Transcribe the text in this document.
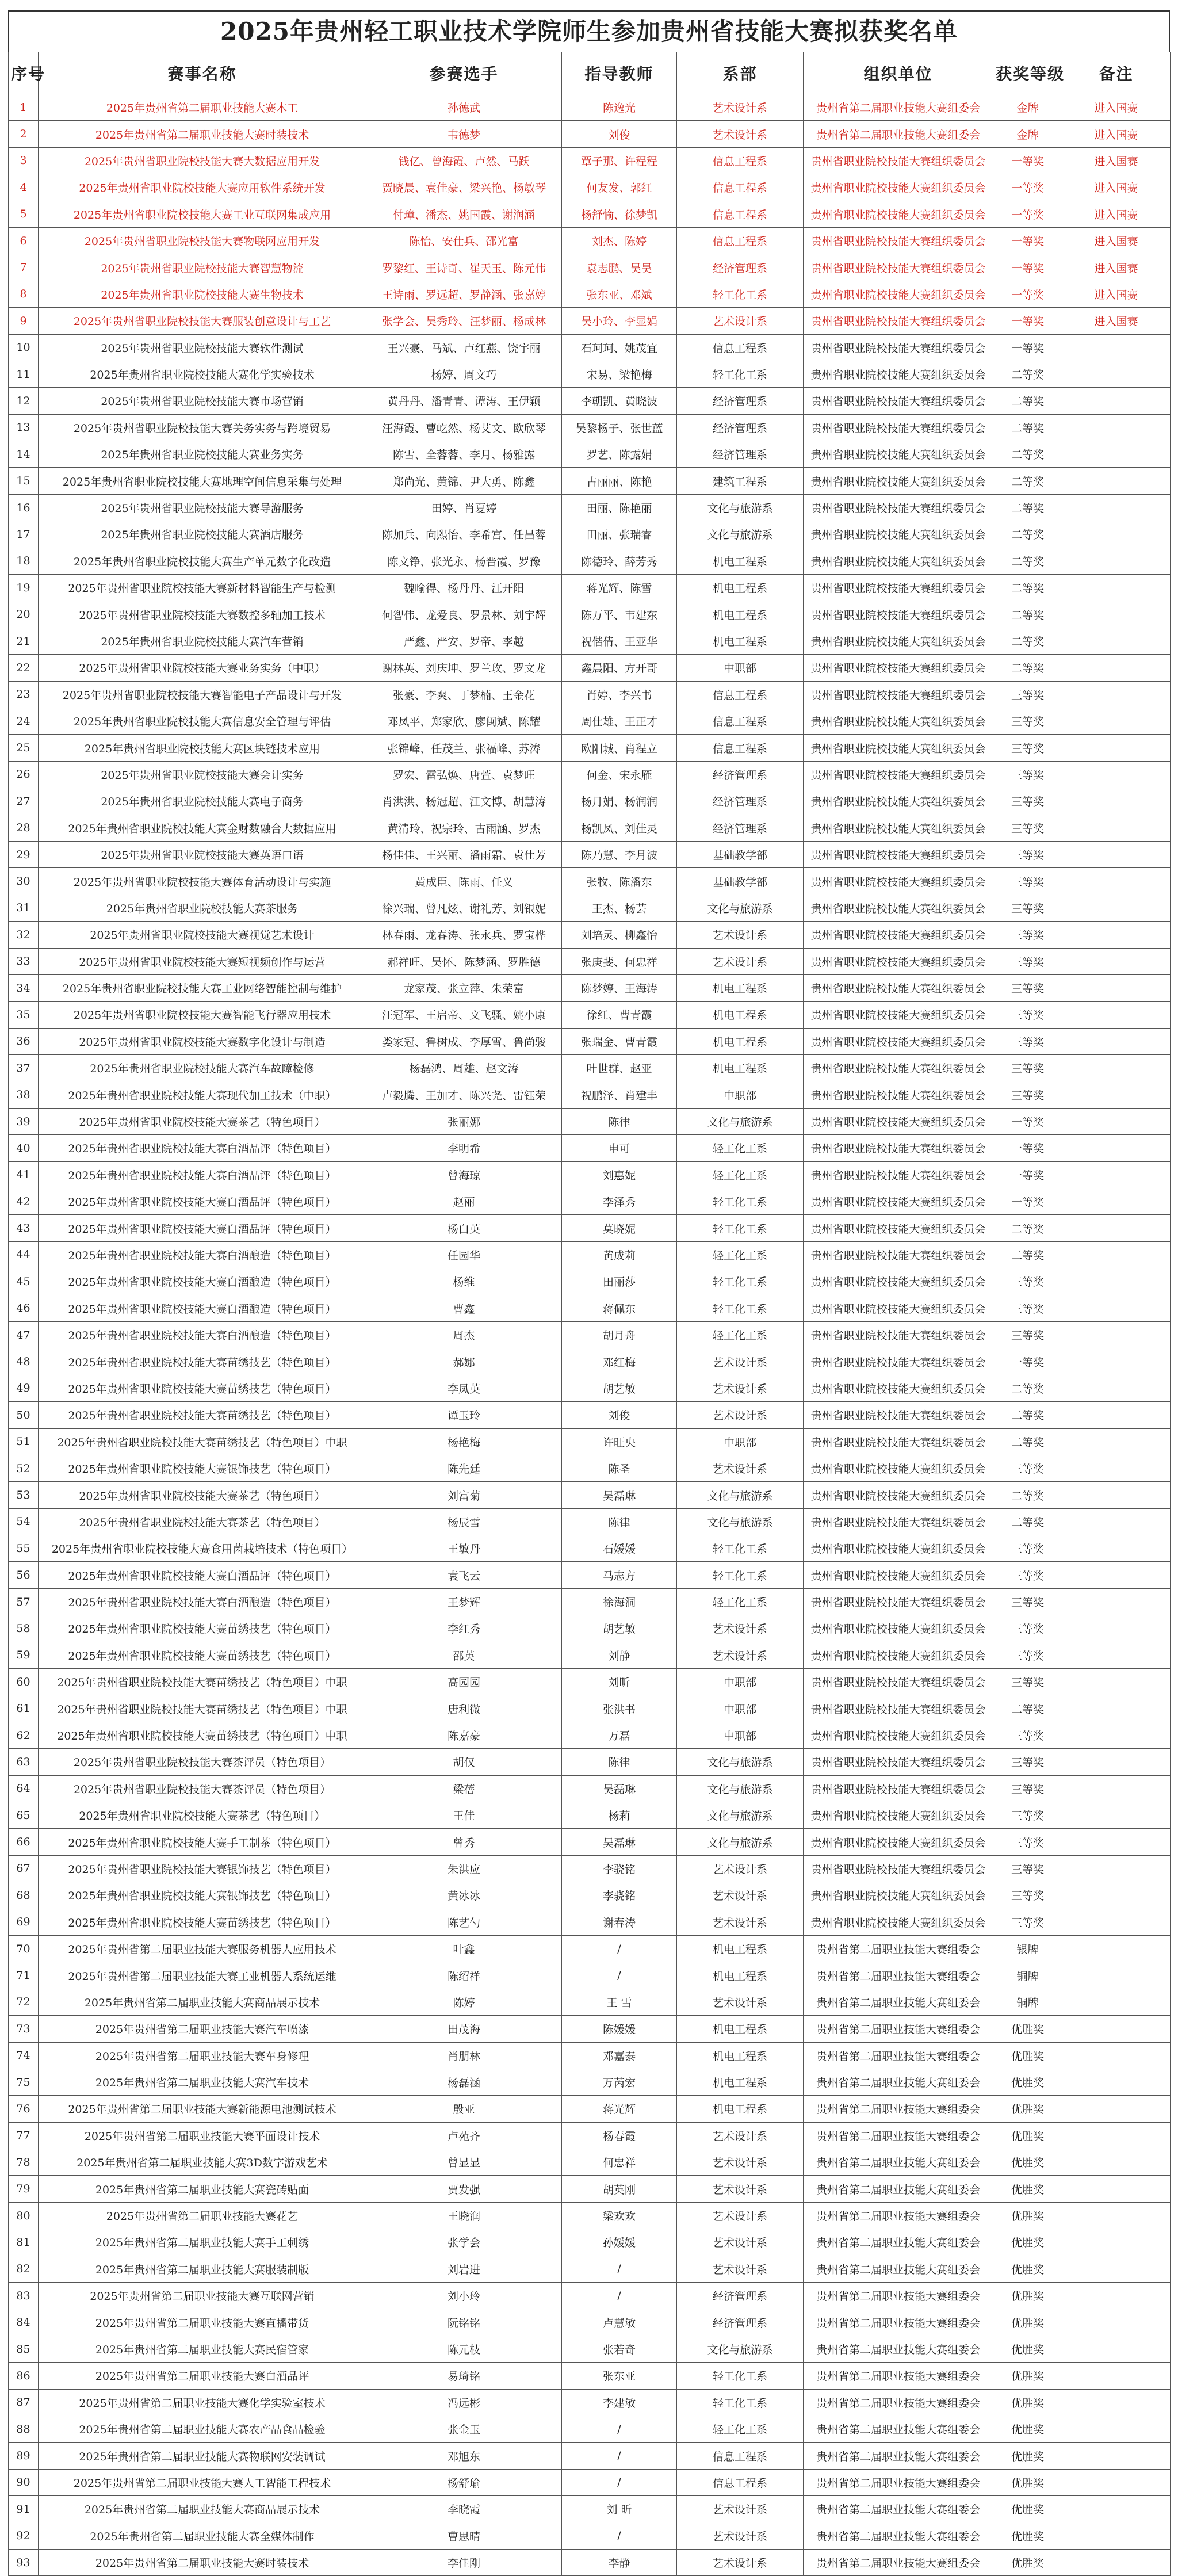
2025年贵州轻工职业技术学院师生参加贵州省技能大赛拟获奖名单
序号	赛事名称	参赛选手	指导教师	系部	组织单位	获奖等级	备注
1	2025年贵州省第二届职业技能大赛木工	孙德武	陈逸光	艺术设计系	贵州省第二届职业技能大赛组委会	金牌	进入国赛
2	2025年贵州省第二届职业技能大赛时装技术	韦德梦	刘俊	艺术设计系	贵州省第二届职业技能大赛组委会	金牌	进入国赛
3	2025年贵州省职业院校技能大赛大数据应用开发	钱亿、曾海霞、卢然、马跃	覃子那、许程程	信息工程系	贵州省职业院校技能大赛组织委员会	一等奖	进入国赛
4	2025年贵州省职业院校技能大赛应用软件系统开发	贾晓晨、袁佳豪、梁兴艳、杨敏琴	何友发、郭红	信息工程系	贵州省职业院校技能大赛组织委员会	一等奖	进入国赛
5	2025年贵州省职业院校技能大赛工业互联网集成应用	付璋、潘杰、姚国霞、谢润涵	杨舒愉、徐梦凯	信息工程系	贵州省职业院校技能大赛组织委员会	一等奖	进入国赛
6	2025年贵州省职业院校技能大赛物联网应用开发	陈怡、安仕兵、邵光富	刘杰、陈婷	信息工程系	贵州省职业院校技能大赛组织委员会	一等奖	进入国赛
7	2025年贵州省职业院校技能大赛智慧物流	罗黎红、王诗奇、崔天玉、陈元伟	袁志鹏、吴昊	经济管理系	贵州省职业院校技能大赛组织委员会	一等奖	进入国赛
8	2025年贵州省职业院校技能大赛生物技术	王诗雨、罗远超、罗静涵、张嘉婷	张东亚、邓斌	轻工化工系	贵州省职业院校技能大赛组织委员会	一等奖	进入国赛
9	2025年贵州省职业院校技能大赛服装创意设计与工艺	张学会、吴秀玲、汪梦丽、杨成林	吴小玲、李显娟	艺术设计系	贵州省职业院校技能大赛组织委员会	一等奖	进入国赛
10	2025年贵州省职业院校技能大赛软件测试	王兴豪、马斌、卢红燕、饶宇丽	石珂珂、姚茂宜	信息工程系	贵州省职业院校技能大赛组织委员会	一等奖	
11	2025年贵州省职业院校技能大赛化学实验技术	杨婷、周文巧	宋易、梁艳梅	轻工化工系	贵州省职业院校技能大赛组织委员会	二等奖	
12	2025年贵州省职业院校技能大赛市场营销	黄丹丹、潘青青、谭涛、王伊颖	李朝凯、黄晓波	经济管理系	贵州省职业院校技能大赛组织委员会	二等奖	
13	2025年贵州省职业院校技能大赛关务实务与跨境贸易	汪海霞、曹屹然、杨艾文、欧欣琴	吴黎杨子、张世蓝	经济管理系	贵州省职业院校技能大赛组织委员会	二等奖	
14	2025年贵州省职业院校技能大赛业务实务	陈雪、全蓉蓉、李月、杨雅露	罗艺、陈露娟	经济管理系	贵州省职业院校技能大赛组织委员会	二等奖	
15	2025年贵州省职业院校技能大赛地理空间信息采集与处理	郑尚光、黄锦、尹大勇、陈鑫	古丽丽、陈艳	建筑工程系	贵州省职业院校技能大赛组织委员会	二等奖	
16	2025年贵州省职业院校技能大赛导游服务	田婷、肖夏婷	田丽、陈艳丽	文化与旅游系	贵州省职业院校技能大赛组织委员会	二等奖	
17	2025年贵州省职业院校技能大赛酒店服务	陈加兵、向熙怡、李希宫、任昌蓉	田丽、张瑞睿	文化与旅游系	贵州省职业院校技能大赛组织委员会	二等奖	
18	2025年贵州省职业院校技能大赛生产单元数字化改造	陈文铮、张光永、杨晋霞、罗豫	陈德玲、薛芳秀	机电工程系	贵州省职业院校技能大赛组织委员会	二等奖	
19	2025年贵州省职业院校技能大赛新材料智能生产与检测	魏喻得、杨丹丹、江开阳	蒋光辉、陈雪	机电工程系	贵州省职业院校技能大赛组织委员会	二等奖	
20	2025年贵州省职业院校技能大赛数控多轴加工技术	何智伟、龙爱良、罗景林、刘宇辉	陈万平、韦建东	机电工程系	贵州省职业院校技能大赛组织委员会	二等奖	
21	2025年贵州省职业院校技能大赛汽车营销	严鑫、严安、罗帝、李越	祝偕倩、王亚华	机电工程系	贵州省职业院校技能大赛组织委员会	二等奖	
22	2025年贵州省职业院校技能大赛业务实务（中职）	谢林英、刘庆坤、罗兰玫、罗文龙	鑫晨阳、方开哥	中职部	贵州省职业院校技能大赛组织委员会	二等奖	
23	2025年贵州省职业院校技能大赛智能电子产品设计与开发	张豪、李爽、丁梦楠、王金花	肖婷、李兴书	信息工程系	贵州省职业院校技能大赛组织委员会	三等奖	
24	2025年贵州省职业院校技能大赛信息安全管理与评估	邓凤平、郑家欣、廖闽斌、陈耀	周仕雄、王正才	信息工程系	贵州省职业院校技能大赛组织委员会	三等奖	
25	2025年贵州省职业院校技能大赛区块链技术应用	张锦峰、任茂兰、张福峰、苏涛	欧阳城、肖程立	信息工程系	贵州省职业院校技能大赛组织委员会	三等奖	
26	2025年贵州省职业院校技能大赛会计实务	罗宏、雷弘焕、唐萱、袁梦旺	何金、宋永雁	经济管理系	贵州省职业院校技能大赛组织委员会	三等奖	
27	2025年贵州省职业院校技能大赛电子商务	肖洪洪、杨冠超、江文博、胡慧涛	杨月娟、杨润润	经济管理系	贵州省职业院校技能大赛组织委员会	三等奖	
28	2025年贵州省职业院校技能大赛金财数融合大数据应用	黄清玲、祝宗玲、古雨涵、罗杰	杨凯凤、刘佳灵	经济管理系	贵州省职业院校技能大赛组织委员会	三等奖	
29	2025年贵州省职业院校技能大赛英语口语	杨佳佳、王兴丽、潘雨霜、袁仕芳	陈乃慧、李月波	基础教学部	贵州省职业院校技能大赛组织委员会	三等奖	
30	2025年贵州省职业院校技能大赛体育活动设计与实施	黄成臣、陈雨、任义	张牧、陈潘东	基础教学部	贵州省职业院校技能大赛组织委员会	三等奖	
31	2025年贵州省职业院校技能大赛茶服务	徐兴瑞、曾凡炫、谢礼芳、刘银妮	王杰、杨芸	文化与旅游系	贵州省职业院校技能大赛组织委员会	三等奖	
32	2025年贵州省职业院校技能大赛视觉艺术设计	林春雨、龙春涛、张永兵、罗宝桦	刘培灵、柳鑫怡	艺术设计系	贵州省职业院校技能大赛组织委员会	三等奖	
33	2025年贵州省职业院校技能大赛短视频创作与运营	郝祥旺、吴怀、陈梦涵、罗胜德	张庚斐、何忠祥	艺术设计系	贵州省职业院校技能大赛组织委员会	三等奖	
34	2025年贵州省职业院校技能大赛工业网络智能控制与维护	龙家茂、张立萍、朱荣富	陈梦婷、王海涛	机电工程系	贵州省职业院校技能大赛组织委员会	三等奖	
35	2025年贵州省职业院校技能大赛智能飞行器应用技术	汪冠军、王启帝、文飞骚、姚小康	徐红、曹青霞	机电工程系	贵州省职业院校技能大赛组织委员会	三等奖	
36	2025年贵州省职业院校技能大赛数字化设计与制造	娄家冠、鲁树成、李厚雪、鲁尚骏	张瑞金、曹青霞	机电工程系	贵州省职业院校技能大赛组织委员会	三等奖	
37	2025年贵州省职业院校技能大赛汽车故障检修	杨磊鸿、周雄、赵文涛	叶世群、赵亚	机电工程系	贵州省职业院校技能大赛组织委员会	三等奖	
38	2025年贵州省职业院校技能大赛现代加工技术（中职）	卢毅腾、王加才、陈兴尧、雷钰荣	祝鹏泽、肖建丰	中职部	贵州省职业院校技能大赛组织委员会	三等奖	
39	2025年贵州省职业院校技能大赛茶艺（特色项目）	张丽娜	陈律	文化与旅游系	贵州省职业院校技能大赛组织委员会	一等奖	
40	2025年贵州省职业院校技能大赛白酒品评（特色项目）	李明希	申可	轻工化工系	贵州省职业院校技能大赛组织委员会	一等奖	
41	2025年贵州省职业院校技能大赛白酒品评（特色项目）	曾海琼	刘惠妮	轻工化工系	贵州省职业院校技能大赛组织委员会	一等奖	
42	2025年贵州省职业院校技能大赛白酒品评（特色项目）	赵丽	李泽秀	轻工化工系	贵州省职业院校技能大赛组织委员会	一等奖	
43	2025年贵州省职业院校技能大赛白酒品评（特色项目）	杨白英	莫晓妮	轻工化工系	贵州省职业院校技能大赛组织委员会	二等奖	
44	2025年贵州省职业院校技能大赛白酒酿造（特色项目）	任园华	黄成莉	轻工化工系	贵州省职业院校技能大赛组织委员会	二等奖	
45	2025年贵州省职业院校技能大赛白酒酿造（特色项目）	杨维	田丽莎	轻工化工系	贵州省职业院校技能大赛组织委员会	三等奖	
46	2025年贵州省职业院校技能大赛白酒酿造（特色项目）	曹鑫	蒋佩东	轻工化工系	贵州省职业院校技能大赛组织委员会	三等奖	
47	2025年贵州省职业院校技能大赛白酒酿造（特色项目）	周杰	胡月舟	轻工化工系	贵州省职业院校技能大赛组织委员会	三等奖	
48	2025年贵州省职业院校技能大赛苗绣技艺（特色项目）	郝娜	邓红梅	艺术设计系	贵州省职业院校技能大赛组织委员会	一等奖	
49	2025年贵州省职业院校技能大赛苗绣技艺（特色项目）	李凤英	胡艺敏	艺术设计系	贵州省职业院校技能大赛组织委员会	二等奖	
50	2025年贵州省职业院校技能大赛苗绣技艺（特色项目）	谭玉玲	刘俊	艺术设计系	贵州省职业院校技能大赛组织委员会	二等奖	
51	2025年贵州省职业院校技能大赛苗绣技艺（特色项目）中职	杨艳梅	许旺央	中职部	贵州省职业院校技能大赛组织委员会	二等奖	
52	2025年贵州省职业院校技能大赛银饰技艺（特色项目）	陈先廷	陈圣	艺术设计系	贵州省职业院校技能大赛组织委员会	三等奖	
53	2025年贵州省职业院校技能大赛茶艺（特色项目）	刘富菊	吴磊琳	文化与旅游系	贵州省职业院校技能大赛组织委员会	二等奖	
54	2025年贵州省职业院校技能大赛茶艺（特色项目）	杨辰雪	陈律	文化与旅游系	贵州省职业院校技能大赛组织委员会	二等奖	
55	2025年贵州省职业院校技能大赛食用菌栽培技术（特色项目）	王敏丹	石媛媛	轻工化工系	贵州省职业院校技能大赛组织委员会	三等奖	
56	2025年贵州省职业院校技能大赛白酒品评（特色项目）	袁飞云	马志方	轻工化工系	贵州省职业院校技能大赛组织委员会	三等奖	
57	2025年贵州省职业院校技能大赛白酒酿造（特色项目）	王梦辉	徐海洞	轻工化工系	贵州省职业院校技能大赛组织委员会	三等奖	
58	2025年贵州省职业院校技能大赛苗绣技艺（特色项目）	李红秀	胡艺敏	艺术设计系	贵州省职业院校技能大赛组织委员会	三等奖	
59	2025年贵州省职业院校技能大赛苗绣技艺（特色项目）	邵英	刘静	艺术设计系	贵州省职业院校技能大赛组织委员会	三等奖	
60	2025年贵州省职业院校技能大赛苗绣技艺（特色项目）中职	高园园	刘昕	中职部	贵州省职业院校技能大赛组织委员会	三等奖	
61	2025年贵州省职业院校技能大赛苗绣技艺（特色项目）中职	唐利微	张洪书	中职部	贵州省职业院校技能大赛组织委员会	二等奖	
62	2025年贵州省职业院校技能大赛苗绣技艺（特色项目）中职	陈嘉豪	万磊	中职部	贵州省职业院校技能大赛组织委员会	三等奖	
63	2025年贵州省职业院校技能大赛茶评员（特色项目）	胡仅	陈律	文化与旅游系	贵州省职业院校技能大赛组织委员会	三等奖	
64	2025年贵州省职业院校技能大赛茶评员（特色项目）	梁蓓	吴磊琳	文化与旅游系	贵州省职业院校技能大赛组织委员会	三等奖	
65	2025年贵州省职业院校技能大赛茶艺（特色项目）	王佳	杨莉	文化与旅游系	贵州省职业院校技能大赛组织委员会	三等奖	
66	2025年贵州省职业院校技能大赛手工制茶（特色项目）	曾秀	吴磊琳	文化与旅游系	贵州省职业院校技能大赛组织委员会	三等奖	
67	2025年贵州省职业院校技能大赛银饰技艺（特色项目）	朱洪应	李骁铭	艺术设计系	贵州省职业院校技能大赛组织委员会	三等奖	
68	2025年贵州省职业院校技能大赛银饰技艺（特色项目）	黄冰冰	李骁铭	艺术设计系	贵州省职业院校技能大赛组织委员会	三等奖	
69	2025年贵州省职业院校技能大赛苗绣技艺（特色项目）	陈艺勺	谢春涛	艺术设计系	贵州省职业院校技能大赛组织委员会	三等奖	
70	2025年贵州省第二届职业技能大赛服务机器人应用技术	叶鑫	/	机电工程系	贵州省第二届职业技能大赛组委会	银牌	
71	2025年贵州省第二届职业技能大赛工业机器人系统运维	陈绍祥	/	机电工程系	贵州省第二届职业技能大赛组委会	铜牌	
72	2025年贵州省第二届职业技能大赛商品展示技术	陈婷	王 雪	艺术设计系	贵州省第二届职业技能大赛组委会	铜牌	
73	2025年贵州省第二届职业技能大赛汽车喷漆	田茂海	陈媛媛	机电工程系	贵州省第二届职业技能大赛组委会	优胜奖	
74	2025年贵州省第二届职业技能大赛车身修理	肖朋林	邓嘉泰	机电工程系	贵州省第二届职业技能大赛组委会	优胜奖	
75	2025年贵州省第二届职业技能大赛汽车技术	杨磊涵	万芮宏	机电工程系	贵州省第二届职业技能大赛组委会	优胜奖	
76	2025年贵州省第二届职业技能大赛新能源电池测试技术	殷亚	蒋光辉	机电工程系	贵州省第二届职业技能大赛组委会	优胜奖	
77	2025年贵州省第二届职业技能大赛平面设计技术	卢苑齐	杨春霞	艺术设计系	贵州省第二届职业技能大赛组委会	优胜奖	
78	2025年贵州省第二届职业技能大赛3D数字游戏艺术	曾显显	何忠祥	艺术设计系	贵州省第二届职业技能大赛组委会	优胜奖	
79	2025年贵州省第二届职业技能大赛瓷砖贴面	贾发强	胡英刚	艺术设计系	贵州省第二届职业技能大赛组委会	优胜奖	
80	2025年贵州省第二届职业技能大赛花艺	王晓润	梁欢欢	艺术设计系	贵州省第二届职业技能大赛组委会	优胜奖	
81	2025年贵州省第二届职业技能大赛手工刺绣	张学会	孙媛媛	艺术设计系	贵州省第二届职业技能大赛组委会	优胜奖	
82	2025年贵州省第二届职业技能大赛服装制版	刘岩进	/	艺术设计系	贵州省第二届职业技能大赛组委会	优胜奖	
83	2025年贵州省第二届职业技能大赛互联网营销	刘小玲	/	经济管理系	贵州省第二届职业技能大赛组委会	优胜奖	
84	2025年贵州省第二届职业技能大赛直播带货	阮铭铭	卢慧敏	经济管理系	贵州省第二届职业技能大赛组委会	优胜奖	
85	2025年贵州省第二届职业技能大赛民宿管家	陈元枝	张若奇	文化与旅游系	贵州省第二届职业技能大赛组委会	优胜奖	
86	2025年贵州省第二届职业技能大赛白酒品评	易琦铭	张东亚	轻工化工系	贵州省第二届职业技能大赛组委会	优胜奖	
87	2025年贵州省第二届职业技能大赛化学实验室技术	冯远彬	李建敏	轻工化工系	贵州省第二届职业技能大赛组委会	优胜奖	
88	2025年贵州省第二届职业技能大赛农产品食品检验	张金玉	/	轻工化工系	贵州省第二届职业技能大赛组委会	优胜奖	
89	2025年贵州省第二届职业技能大赛物联网安装调试	邓旭东	/	信息工程系	贵州省第二届职业技能大赛组委会	优胜奖	
90	2025年贵州省第二届职业技能大赛人工智能工程技术	杨舒瑜	/	信息工程系	贵州省第二届职业技能大赛组委会	优胜奖	
91	2025年贵州省第二届职业技能大赛商品展示技术	李晓霞	刘 昕	艺术设计系	贵州省第二届职业技能大赛组委会	优胜奖	
92	2025年贵州省第二届职业技能大赛全媒体制作	曹思晴	/	艺术设计系	贵州省第二届职业技能大赛组委会	优胜奖	
93	2025年贵州省第二届职业技能大赛时装技术	李佳刚	李静	艺术设计系	贵州省第二届职业技能大赛组委会	优胜奖	
